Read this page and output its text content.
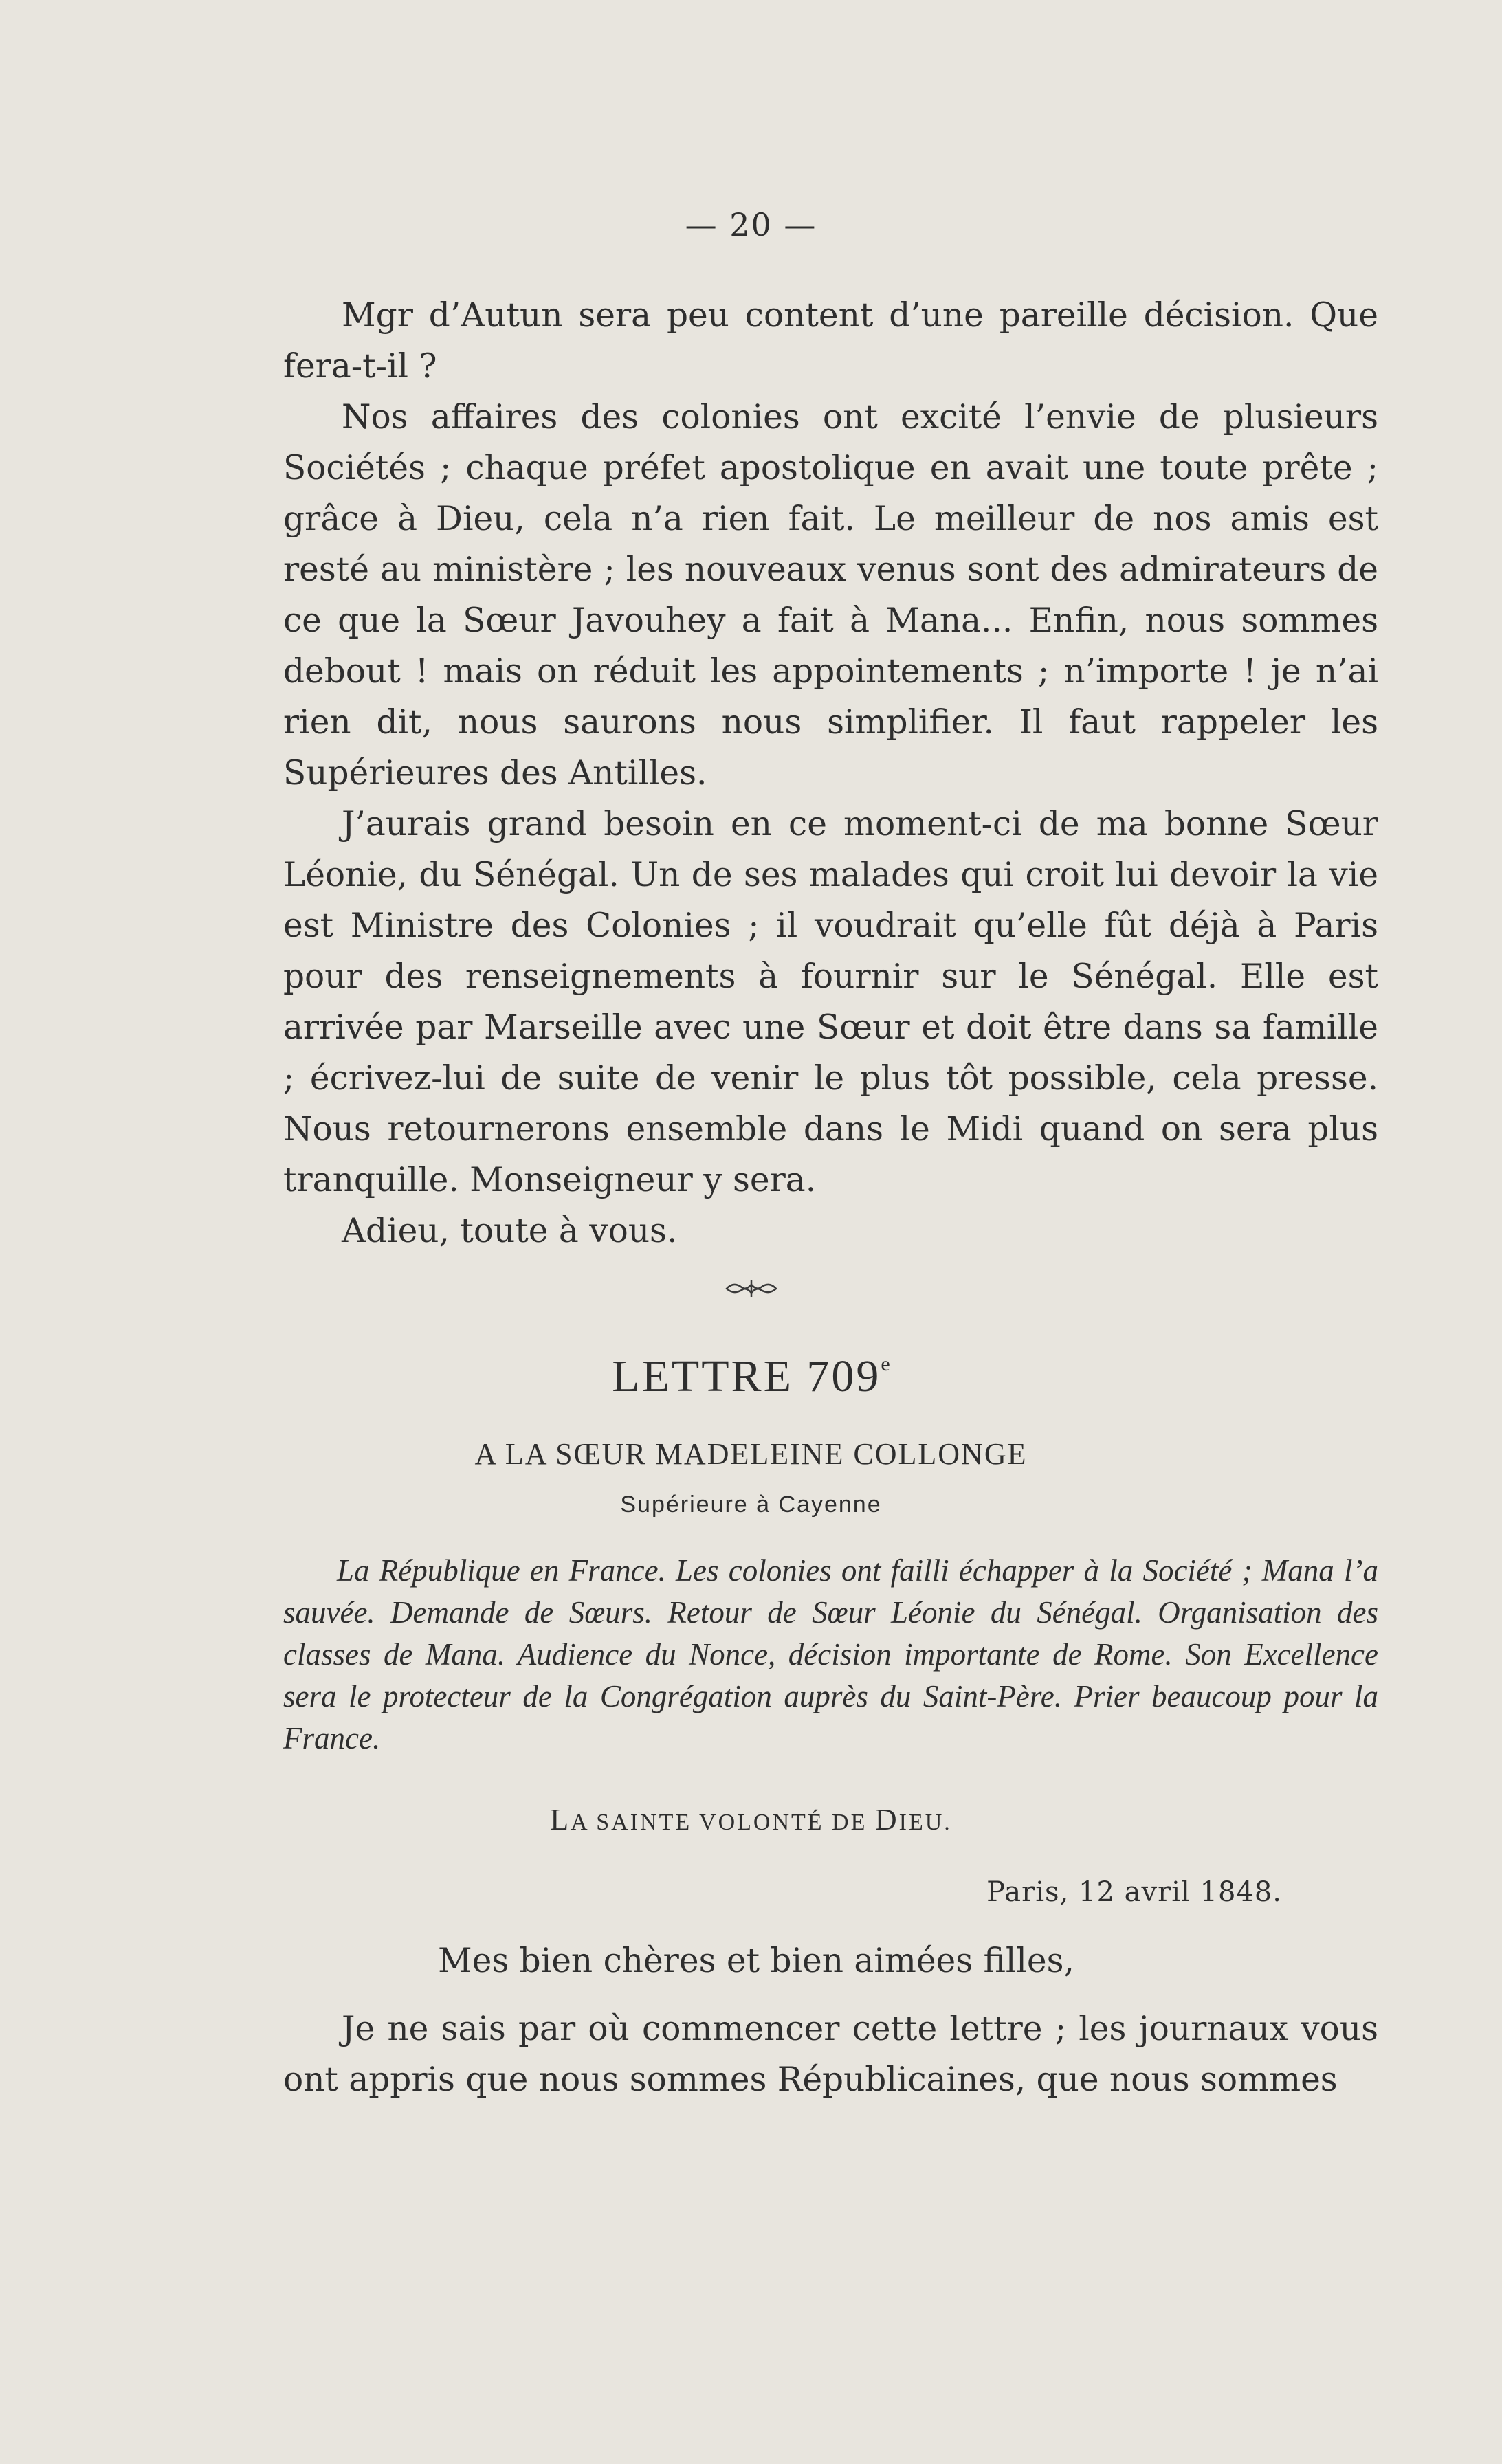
— 20 —

Mgr d’Autun sera peu content d’une pareille décision. Que fera-t-il ?

Nos affaires des colonies ont excité l’envie de plusieurs Sociétés ; chaque préfet apostolique en avait une toute prête ; grâce à Dieu, cela n’a rien fait. Le meilleur de nos amis est resté au ministère ; les nouveaux venus sont des admirateurs de ce que la Sœur Javouhey a fait à Mana... Enfin, nous sommes debout ! mais on réduit les appointements ; n’importe ! je n’ai rien dit, nous saurons nous simplifier. Il faut rappeler les Supérieures des Antilles.

J’aurais grand besoin en ce moment-ci de ma bonne Sœur Léonie, du Sénégal. Un de ses malades qui croit lui devoir la vie est Ministre des Colonies ; il voudrait qu’elle fût déjà à Paris pour des renseignements à fournir sur le Sénégal. Elle est arrivée par Marseille avec une Sœur et doit être dans sa famille ; écrivez-lui de suite de venir le plus tôt possible, cela presse. Nous retournerons ensemble dans le Midi quand on sera plus tranquille. Monseigneur y sera.

Adieu, toute à vous.

LETTRE 709e
A LA SŒUR MADELEINE COLLONGE
Supérieure à Cayenne

La République en France. Les colonies ont failli échapper à la Société ; Mana l’a sauvée. Demande de Sœurs. Retour de Sœur Léonie du Sénégal. Organisation des classes de Mana. Audience du Nonce, décision importante de Rome. Son Excellence sera le protecteur de la Congrégation auprès du Saint-Père. Prier beaucoup pour la France.

LA SAINTE VOLONTÉ DE DIEU.
Paris, 12 avril 1848.
Mes bien chères et bien aimées filles,

Je ne sais par où commencer cette lettre ; les journaux vous ont appris que nous sommes Républicaines, que nous sommes
